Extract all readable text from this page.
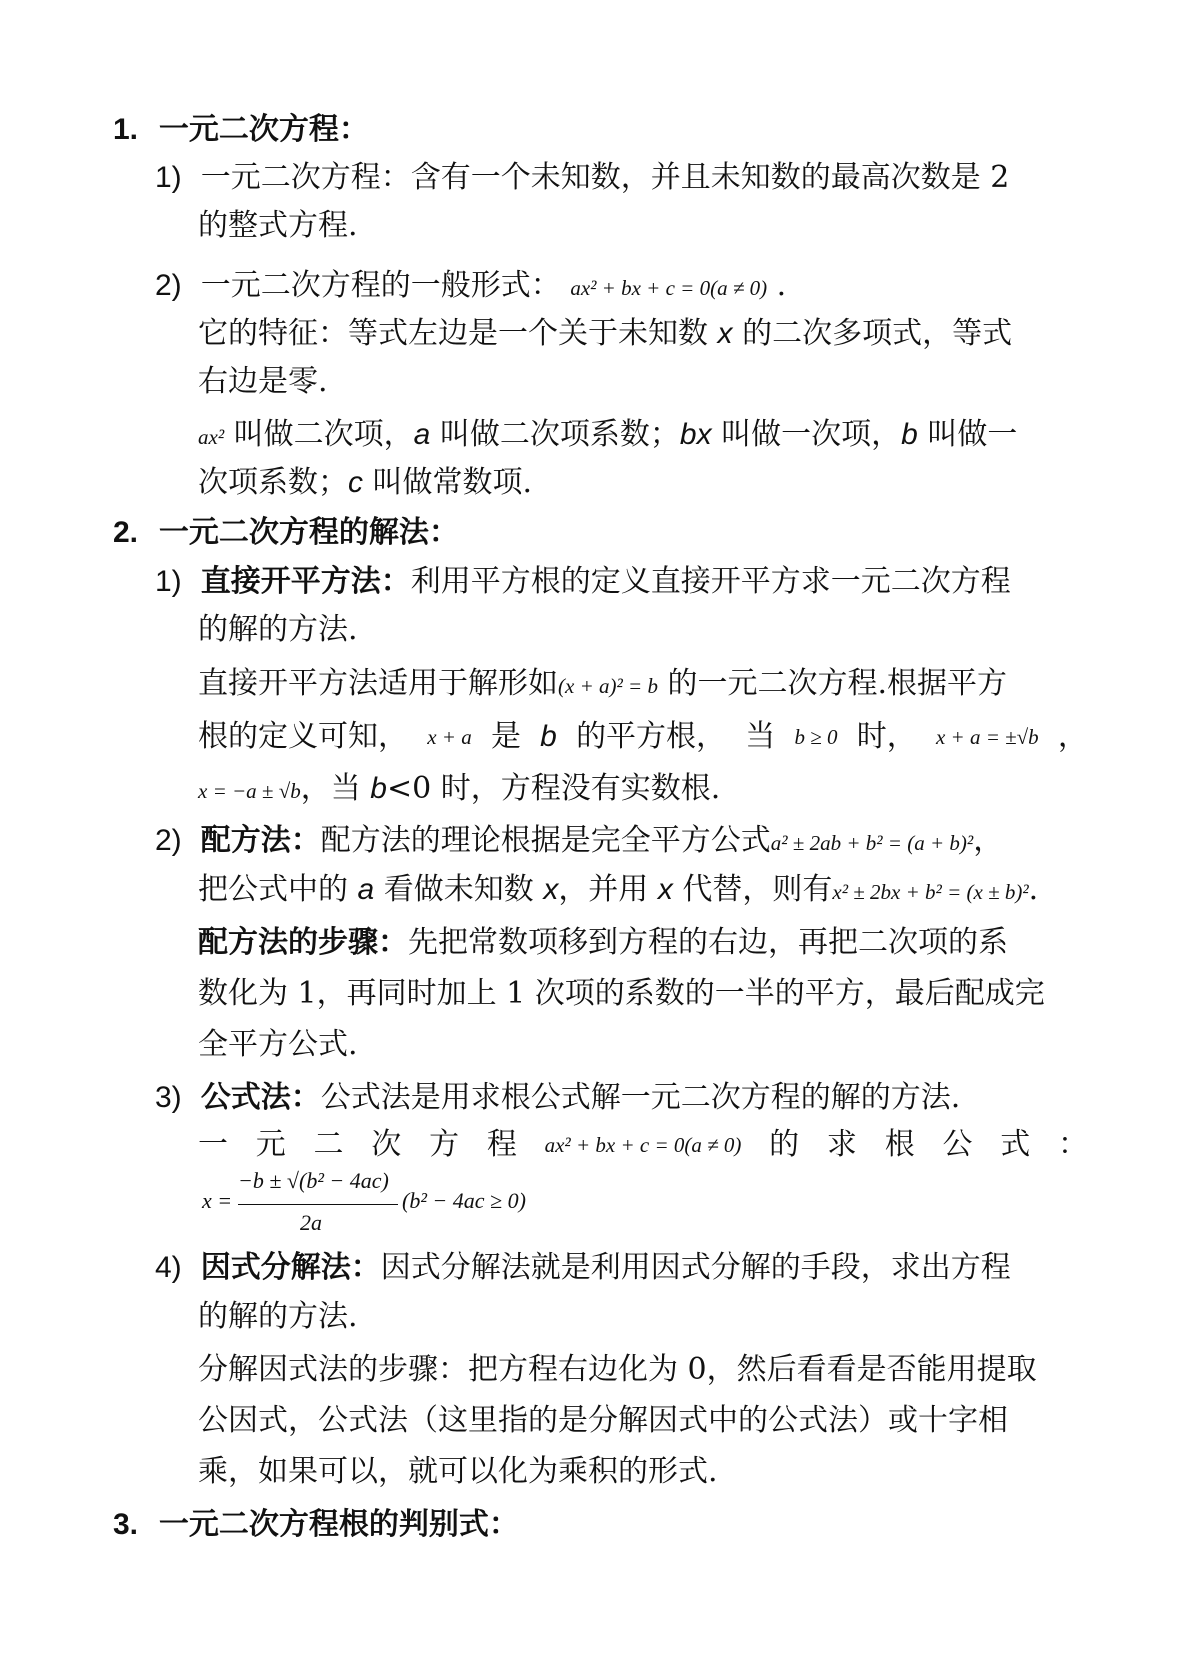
1. 一元二次方程：
1) 一元二次方程：含有一个未知数，并且未知数的最高次数是 2
的整式方程.
2) 一元二次方程的一般形式： ax² + bx + c = 0(a ≠ 0) .
它的特征：等式左边是一个关于未知数 x 的二次多项式，等式
右边是零.
ax² 叫做二次项，a 叫做二次项系数；bx 叫做一次项，b 叫做一
次项系数；c 叫做常数项.
2. 一元二次方程的解法：
1) 直接开平方法：利用平方根的定义直接开平方求一元二次方程
的解的方法.
直接开平方法适用于解形如(x + a)² = b 的一元二次方程.根据平方
根的定义可知， x + a 是 b 的平方根， 当 b ≥ 0 时， x + a = ±√b ，
x = −a ± √b，当 b<0 时，方程没有实数根.
2) 配方法：配方法的理论根据是完全平方公式a² ± 2ab + b² = (a + b)²，
把公式中的 a 看做未知数 x，并用 x 代替，则有x² ± 2bx + b² = (x ± b)².
配方法的步骤：先把常数项移到方程的右边，再把二次项的系
数化为 1，再同时加上 1 次项的系数的一半的平方，最后配成完
全平方公式.
3) 公式法：公式法是用求根公式解一元二次方程的解的方法.
一 元 二 次 方 程 ax² + bx + c = 0(a ≠ 0) 的 求 根 公 式 ：
x =
−b ± √(b² − 4ac)
2a
(b² − 4ac ≥ 0)
4) 因式分解法：因式分解法就是利用因式分解的手段，求出方程
的解的方法.
分解因式法的步骤：把方程右边化为 0，然后看看是否能用提取
公因式，公式法（这里指的是分解因式中的公式法）或十字相
乘，如果可以，就可以化为乘积的形式.
3. 一元二次方程根的判别式：
